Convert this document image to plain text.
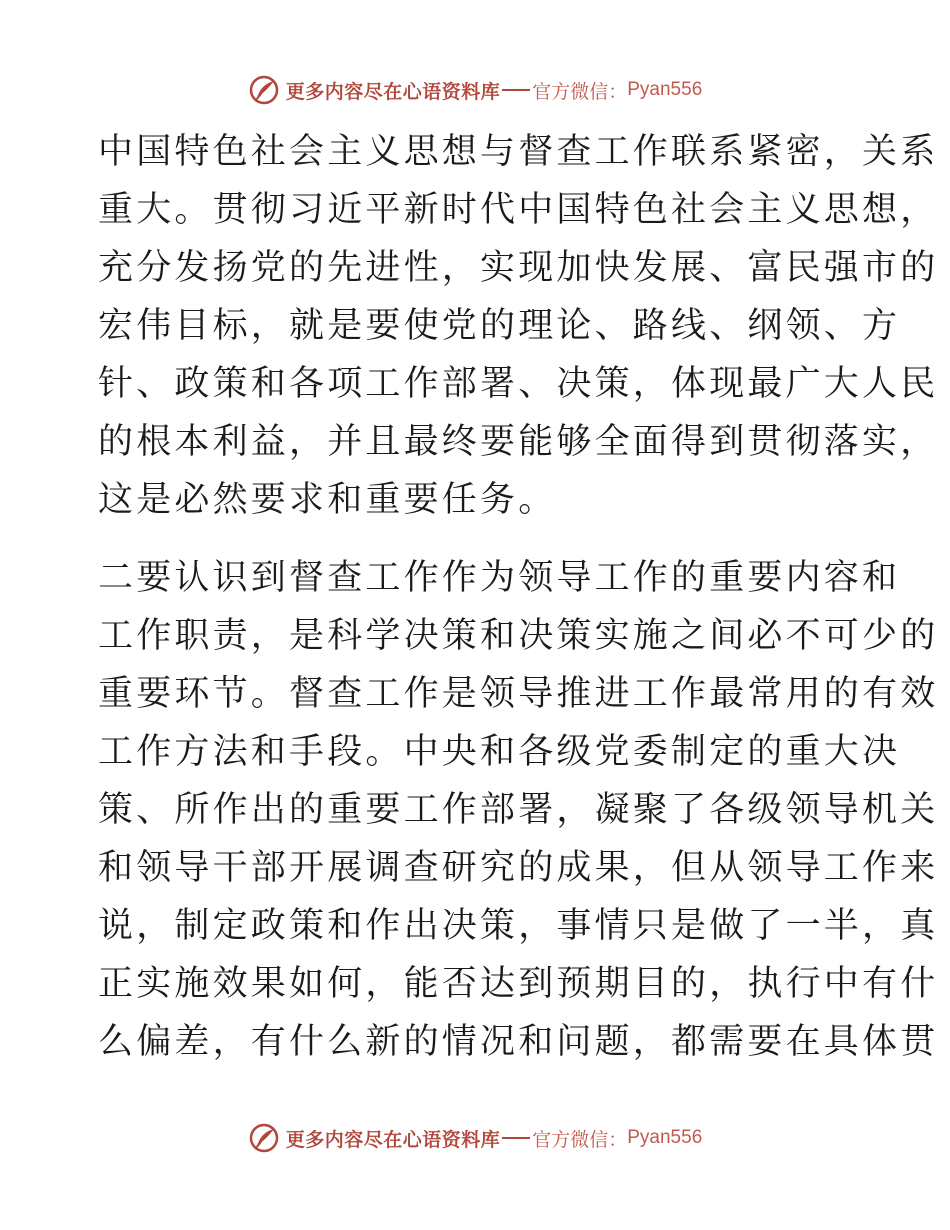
更多内容尽在心语资料库 官方微信： Pyan556
中国特色社会主义思想与督查工作联系紧密，关系
重大。贯彻习近平新时代中国特色社会主义思想，
充分发扬党的先进性，实现加快发展、富民强市的
宏伟目标，就是要使党的理论、路线、纲领、方
针、政策和各项工作部署、决策，体现最广大人民
的根本利益，并且最终要能够全面得到贯彻落实，
这是必然要求和重要任务。
二要认识到督查工作作为领导工作的重要内容和
工作职责，是科学决策和决策实施之间必不可少的
重要环节。督查工作是领导推进工作最常用的有效
工作方法和手段。中央和各级党委制定的重大决
策、所作出的重要工作部署，凝聚了各级领导机关
和领导干部开展调查研究的成果，但从领导工作来
说，制定政策和作出决策，事情只是做了一半，真
正实施效果如何，能否达到预期目的，执行中有什
么偏差，有什么新的情况和问题，都需要在具体贯
更多内容尽在心语资料库 官方微信： Pyan556
